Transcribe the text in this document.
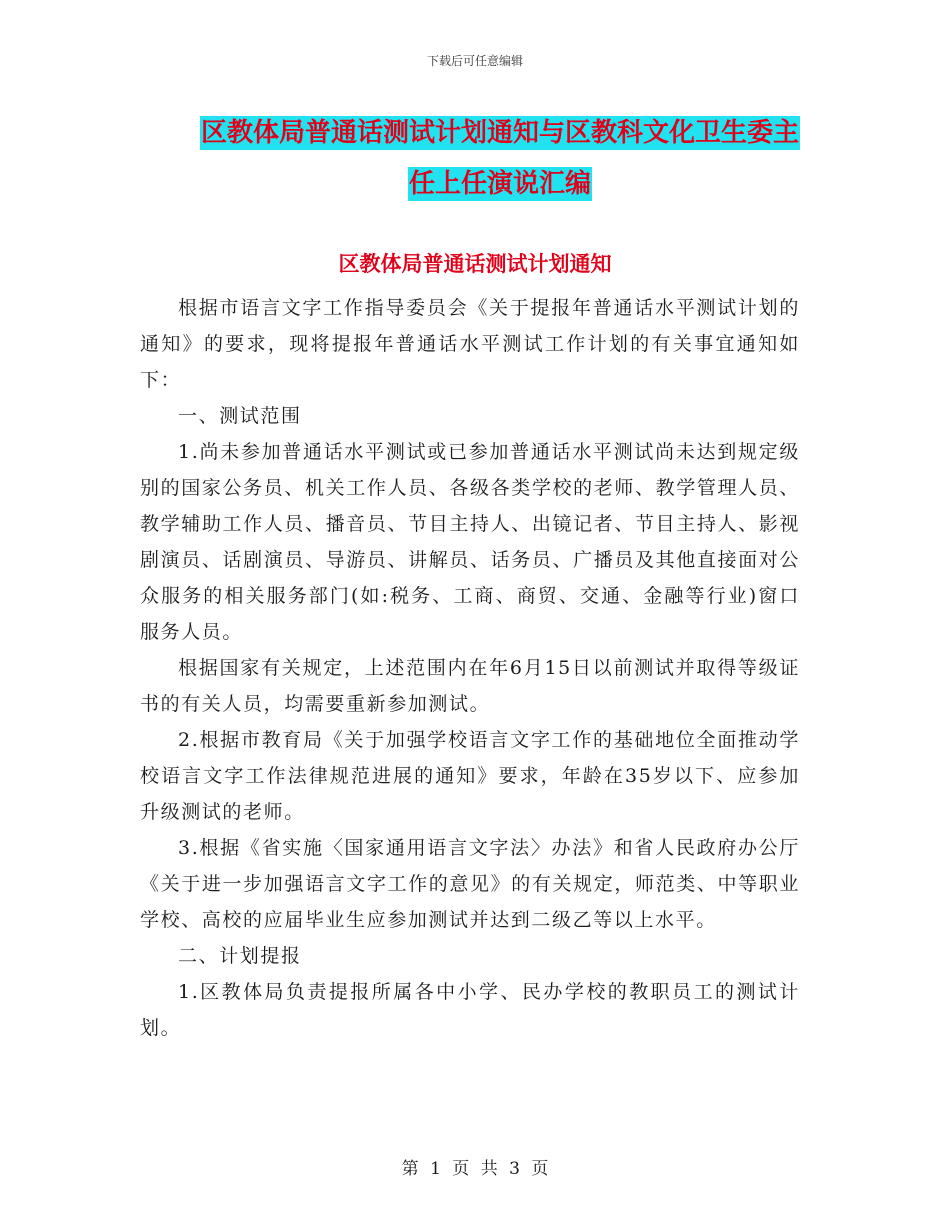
下载后可任意编辑
区教体局普通话测试计划通知与区教科文化卫生委主
任上任演说汇编
区教体局普通话测试计划通知

根据市语言文字工作指导委员会《关于提报年普通话水平测试计划的通知》的要求，现将提报年普通话水平测试工作计划的有关事宜通知如下：

一、测试范围

1.尚未参加普通话水平测试或已参加普通话水平测试尚未达到规定级别的国家公务员、机关工作人员、各级各类学校的老师、教学管理人员、教学辅助工作人员、播音员、节目主持人、出镜记者、节目主持人、影视剧演员、话剧演员、导游员、讲解员、话务员、广播员及其他直接面对公众服务的相关服务部门(如:税务、工商、商贸、交通、金融等行业)窗口服务人员。

根据国家有关规定，上述范围内在年6月15日以前测试并取得等级证书的有关人员，均需要重新参加测试。

2.根据市教育局《关于加强学校语言文字工作的基础地位全面推动学校语言文字工作法律规范进展的通知》要求，年龄在35岁以下、应参加升级测试的老师。

3.根据《省实施〈国家通用语言文字法〉办法》和省人民政府办公厅《关于进一步加强语言文字工作的意见》的有关规定，师范类、中等职业学校、高校的应届毕业生应参加测试并达到二级乙等以上水平。

二、计划提报

1.区教体局负责提报所属各中小学、民办学校的教职员工的测试计划。

第 1 页 共 3 页
